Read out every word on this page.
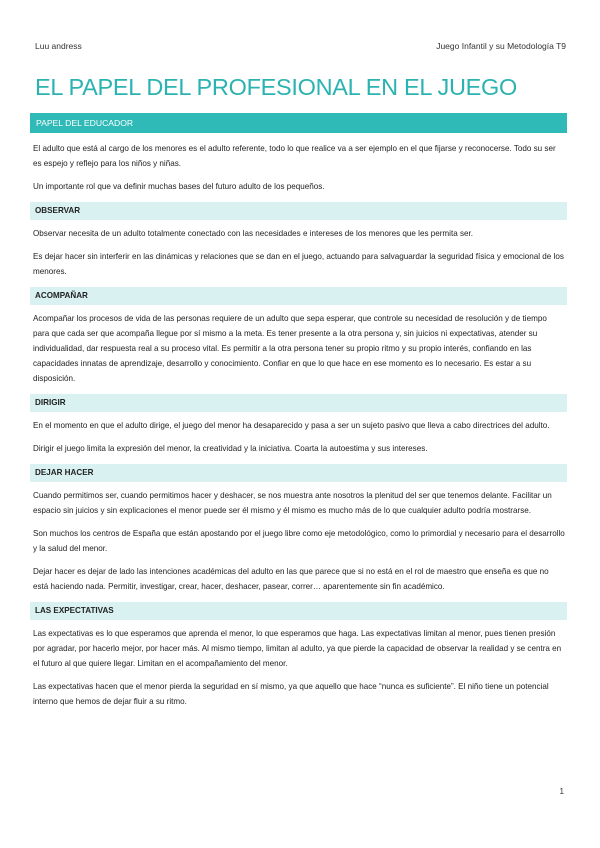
Luu andress	Juego Infantil y su Metodología T9
EL PAPEL DEL PROFESIONAL EN EL JUEGO
PAPEL DEL EDUCADOR

El adulto que está al cargo de los menores es el adulto referente, todo lo que realice va a ser ejemplo en el que fijarse y reconocerse. Todo su ser es espejo y reflejo para los niños y niñas.

Un importante rol que va definir muchas bases del futuro adulto de los pequeños.

OBSERVAR

Observar necesita de un adulto totalmente conectado con las necesidades e intereses de los menores que les permita ser.

Es dejar hacer sin interferir en las dinámicas y relaciones que se dan en el juego, actuando para salvaguardar la seguridad física y emocional de los menores.

ACOMPAÑAR

Acompañar los procesos de vida de las personas requiere de un adulto que sepa esperar, que controle su necesidad de resolución y de tiempo para que cada ser que acompaña llegue por sí mismo a la meta. Es tener presente a la otra persona y, sin juicios ni expectativas, atender su individualidad, dar respuesta real a su proceso vital. Es permitir a la otra persona tener su propio ritmo y su propio interés, confiando en las capacidades innatas de aprendizaje, desarrollo y conocimiento. Confiar en que lo que hace en ese momento es lo necesario. Es estar a su disposición.

DIRIGIR

En el momento en que el adulto dirige, el juego del menor ha desaparecido y pasa a ser un sujeto pasivo que lleva a cabo directrices del adulto.

Dirigir el juego limita la expresión del menor, la creatividad y la iniciativa. Coarta la autoestima y sus intereses.

DEJAR HACER

Cuando permitimos ser, cuando permitimos hacer y deshacer, se nos muestra ante nosotros la plenitud del ser que tenemos delante. Facilitar un espacio sin juicios y sin explicaciones el menor puede ser él mismo y él mismo es mucho más de lo que cualquier adulto podría mostrarse.

Son muchos los centros de España que están apostando por el juego libre como eje metodológico, como lo primordial y necesario para el desarrollo y la salud del menor.

Dejar hacer es dejar de lado las intenciones académicas del adulto en las que parece que si no está en el rol de maestro que enseña es que no está haciendo nada. Permitir, investigar, crear, hacer, deshacer, pasear, correr… aparentemente sin fin académico.

LAS EXPECTATIVAS

Las expectativas es lo que esperamos que aprenda el menor, lo que esperamos que haga. Las expectativas limitan al menor, pues tienen presión por agradar, por hacerlo mejor, por hacer más. Al mismo tiempo, limitan al adulto, ya que pierde la capacidad de observar la realidad y se centra en el futuro al que quiere llegar. Limitan en el acompañamiento del menor.

Las expectativas hacen que el menor pierda la seguridad en sí mismo, ya que aquello que hace “nunca es suficiente”. El niño tiene un potencial interno que hemos de dejar fluir a su ritmo.

1
